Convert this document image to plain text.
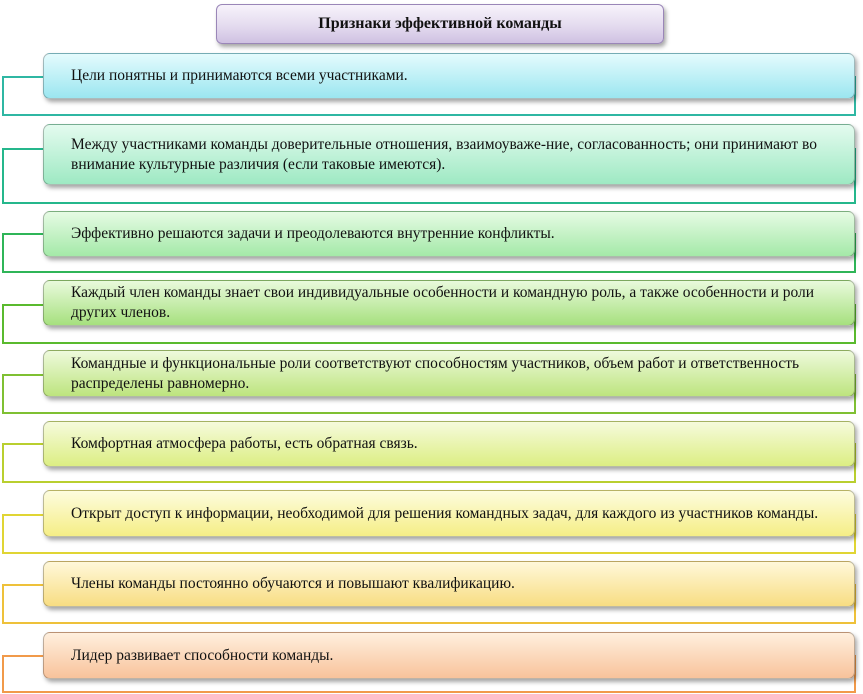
Признаки эффективной команды
Цели понятны и принимаются всеми участниками.
Между участниками команды доверительные отношения, взаимоуваже-ние, согласованность; они принимают во внимание культурные различия (если таковые имеются).
Эффективно решаются задачи и преодолеваются внутренние конфликты.
Каждый член команды знает свои индивидуальные особенности и командную роль, а также особенности и роли других членов.
Командные и функциональные роли соответствуют способностям участников, объем работ и ответственность распределены равномерно.
Комфортная атмосфера работы, есть обратная связь.
Открыт доступ к информации, необходимой для решения командных задач, для каждого из участников команды.
Члены команды постоянно обучаются и повышают квалификацию.
Лидер развивает способности команды.
